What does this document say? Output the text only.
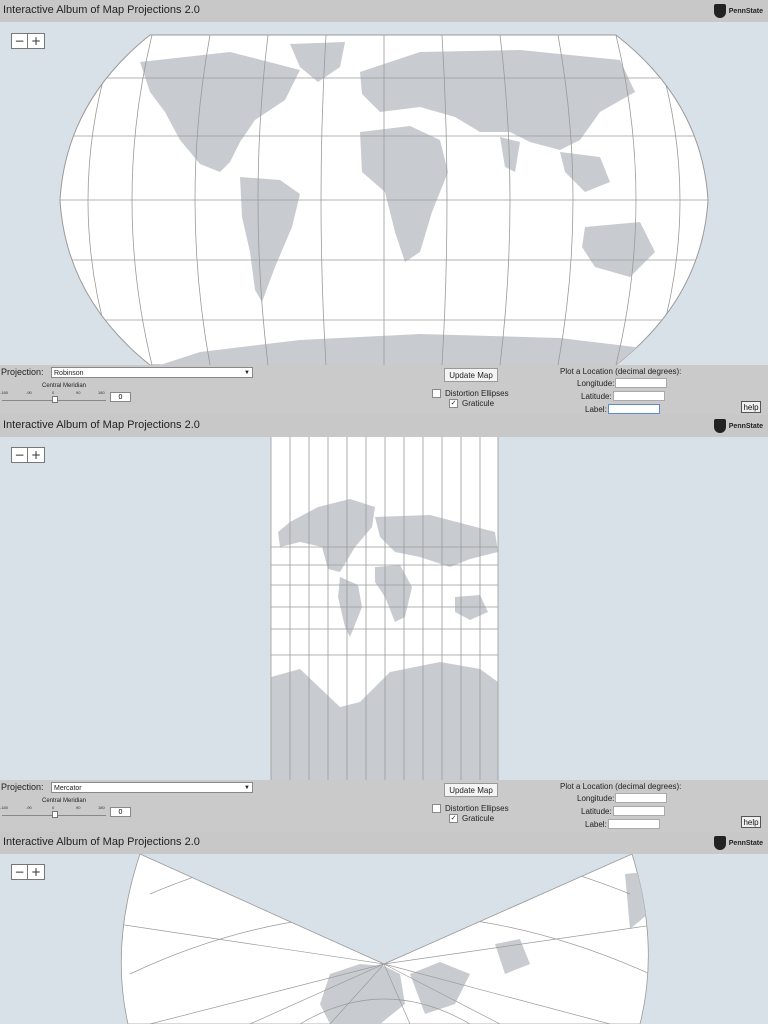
Interactive Album of Map Projections 2.0	PennState
− +
Projection:	Robinson	▼
Central Meridian
-180	-90	0	90	180
0
Update Map
Distortion Ellipses
✓ Graticule
Plot a Location (decimal degrees):
Longitude:
Latitude:
Label:	help
Interactive Album of Map Projections 2.0	PennState
− +
Projection:	Mercator	▼
Central Meridian
-180	-90	0	90	180
0
Update Map
Distortion Ellipses
✓ Graticule
Plot a Location (decimal degrees):
Longitude:
Latitude:
Label:	help
Interactive Album of Map Projections 2.0	PennState
− +
